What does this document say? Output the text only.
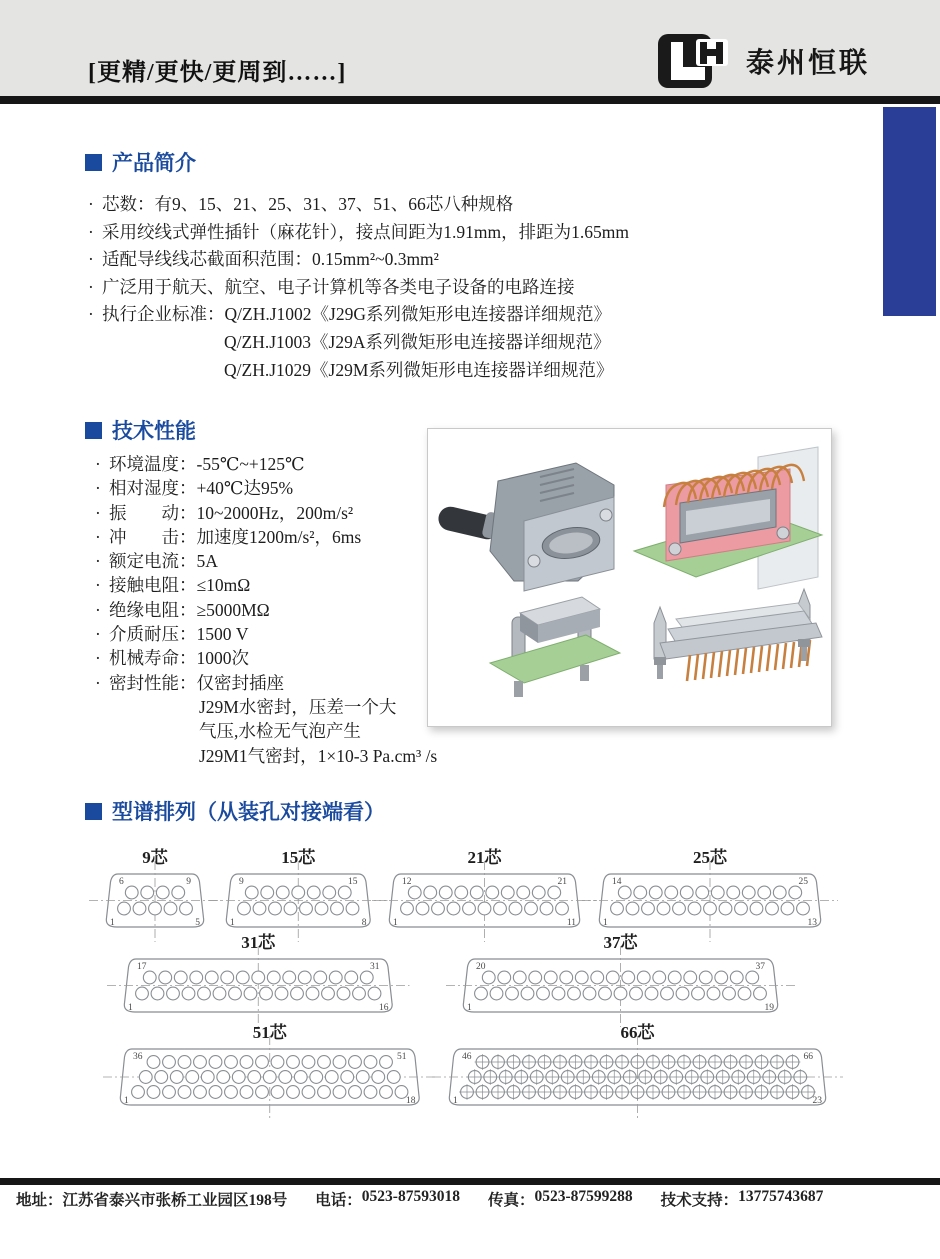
[更精/更快/更周到……]	泰州恒联
产品简介
· 芯数：有9、15、21、25、31、37、51、66芯八种规格
· 采用绞线式弹性插针（麻花针），接点间距为1.91mm，排距为1.65mm
· 适配导线线芯截面积范围：0.15mm²~0.3mm²
· 广泛用于航天、航空、电子计算机等各类电子设备的电路连接
· 执行企业标准：Q/ZH.J1002《J29G系列微矩形电连接器详细规范》
Q/ZH.J1003《J29A系列微矩形电连接器详细规范》
Q/ZH.J1029《J29M系列微矩形电连接器详细规范》
技术性能
· 环境温度：-55℃~+125℃
· 相对湿度：+40℃达95%
· 振　　动：10~2000Hz，200m/s²
· 冲　　击：加速度1200m/s²，6ms
· 额定电流：5A
· 接触电阻：≤10mΩ
· 绝缘电阻：≥5000MΩ
· 介质耐压：1500 V
· 机械寿命：1000次
· 密封性能：仅密封插座
J29M水密封，压差一个大
气压,水检无气泡产生
J29M1气密封，1×10-3 Pa.cm³ /s
型谱排列（从装孔对接端看）
9芯
6	9
1	5
15芯
9	15
1	8
21芯
12	21
1	11
25芯
14	25
1	13
31芯
17	31
1	16
37芯
20	37
1	19
51芯
36	51
1	18
66芯
46	66
1	23
地址： 江苏省泰兴市张桥工业园区198号 电话： 0523-87593018 传真： 0523-87599288 技术支持： 13775743687
